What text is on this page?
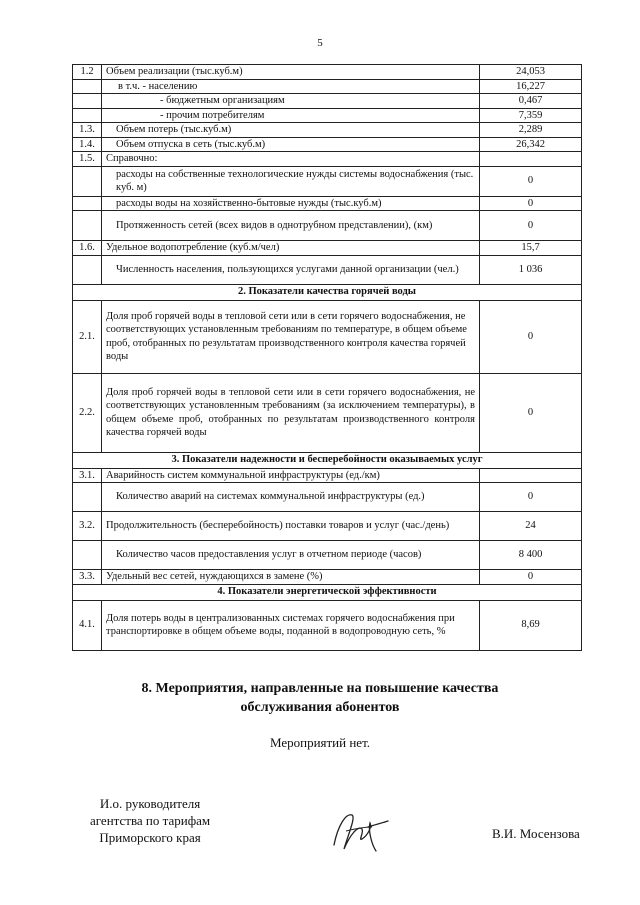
5
1.2	Объем реализации (тыс.куб.м)	24,053
	в т.ч. - населению	16,227
	- бюджетным организациям	0,467
	- прочим потребителям	7,359
1.3.	Объем потерь (тыс.куб.м)	2,289
1.4.	Объем отпуска в сеть (тыс.куб.м)	26,342
1.5.	Справочно:	
	расходы на собственные технологические нужды системы водоснабжения (тыс. куб. м)	0
	расходы воды на хозяйственно-бытовые нужды (тыс.куб.м)	0
	Протяженность сетей (всех видов в однотрубном представлении), (км)	0
1.6.	Удельное водопотребление (куб.м/чел)	15,7
	Численность населения, пользующихся услугами данной организации (чел.)	1 036
2. Показатели качества горячей воды		
2.1.	Доля проб горячей воды в тепловой сети или в сети горячего водоснабжения, не соответствующих установленным требованиям по температуре, в общем объеме проб, отобранных по результатам производственного контроля качества горячей воды	0
2.2.	Доля проб горячей воды в тепловой сети или в сети горячего водоснабжения, не соответствующих установленным требованиям (за исключением температуры), в общем объеме проб, отобранных по результатам производственного контроля качества горячей воды	0
3. Показатели надежности и бесперебойности оказываемых услуг		
3.1.	Аварийность систем коммунальной инфраструктуры (ед./км)	
	Количество аварий на системах коммунальной инфраструктуры (ед.)	0
3.2.	Продолжительность (бесперебойность) поставки товаров и услуг (час./день)	24
	Количество часов предоставления услуг в отчетном периоде (часов)	8 400
3.3.	Удельный вес сетей, нуждающихся в замене (%)	0
4. Показатели энергетической эффективности		
4.1.	Доля потерь воды в централизованных системах горячего водоснабжения при транспортировке в общем объеме воды, поданной в водопроводную сеть, %	8,69
8. Мероприятия, направленные на повышение качества обслуживания абонентов
Мероприятий нет.
И.о. руководителя
агентства по тарифам
Приморского края	В.И. Мосензова
